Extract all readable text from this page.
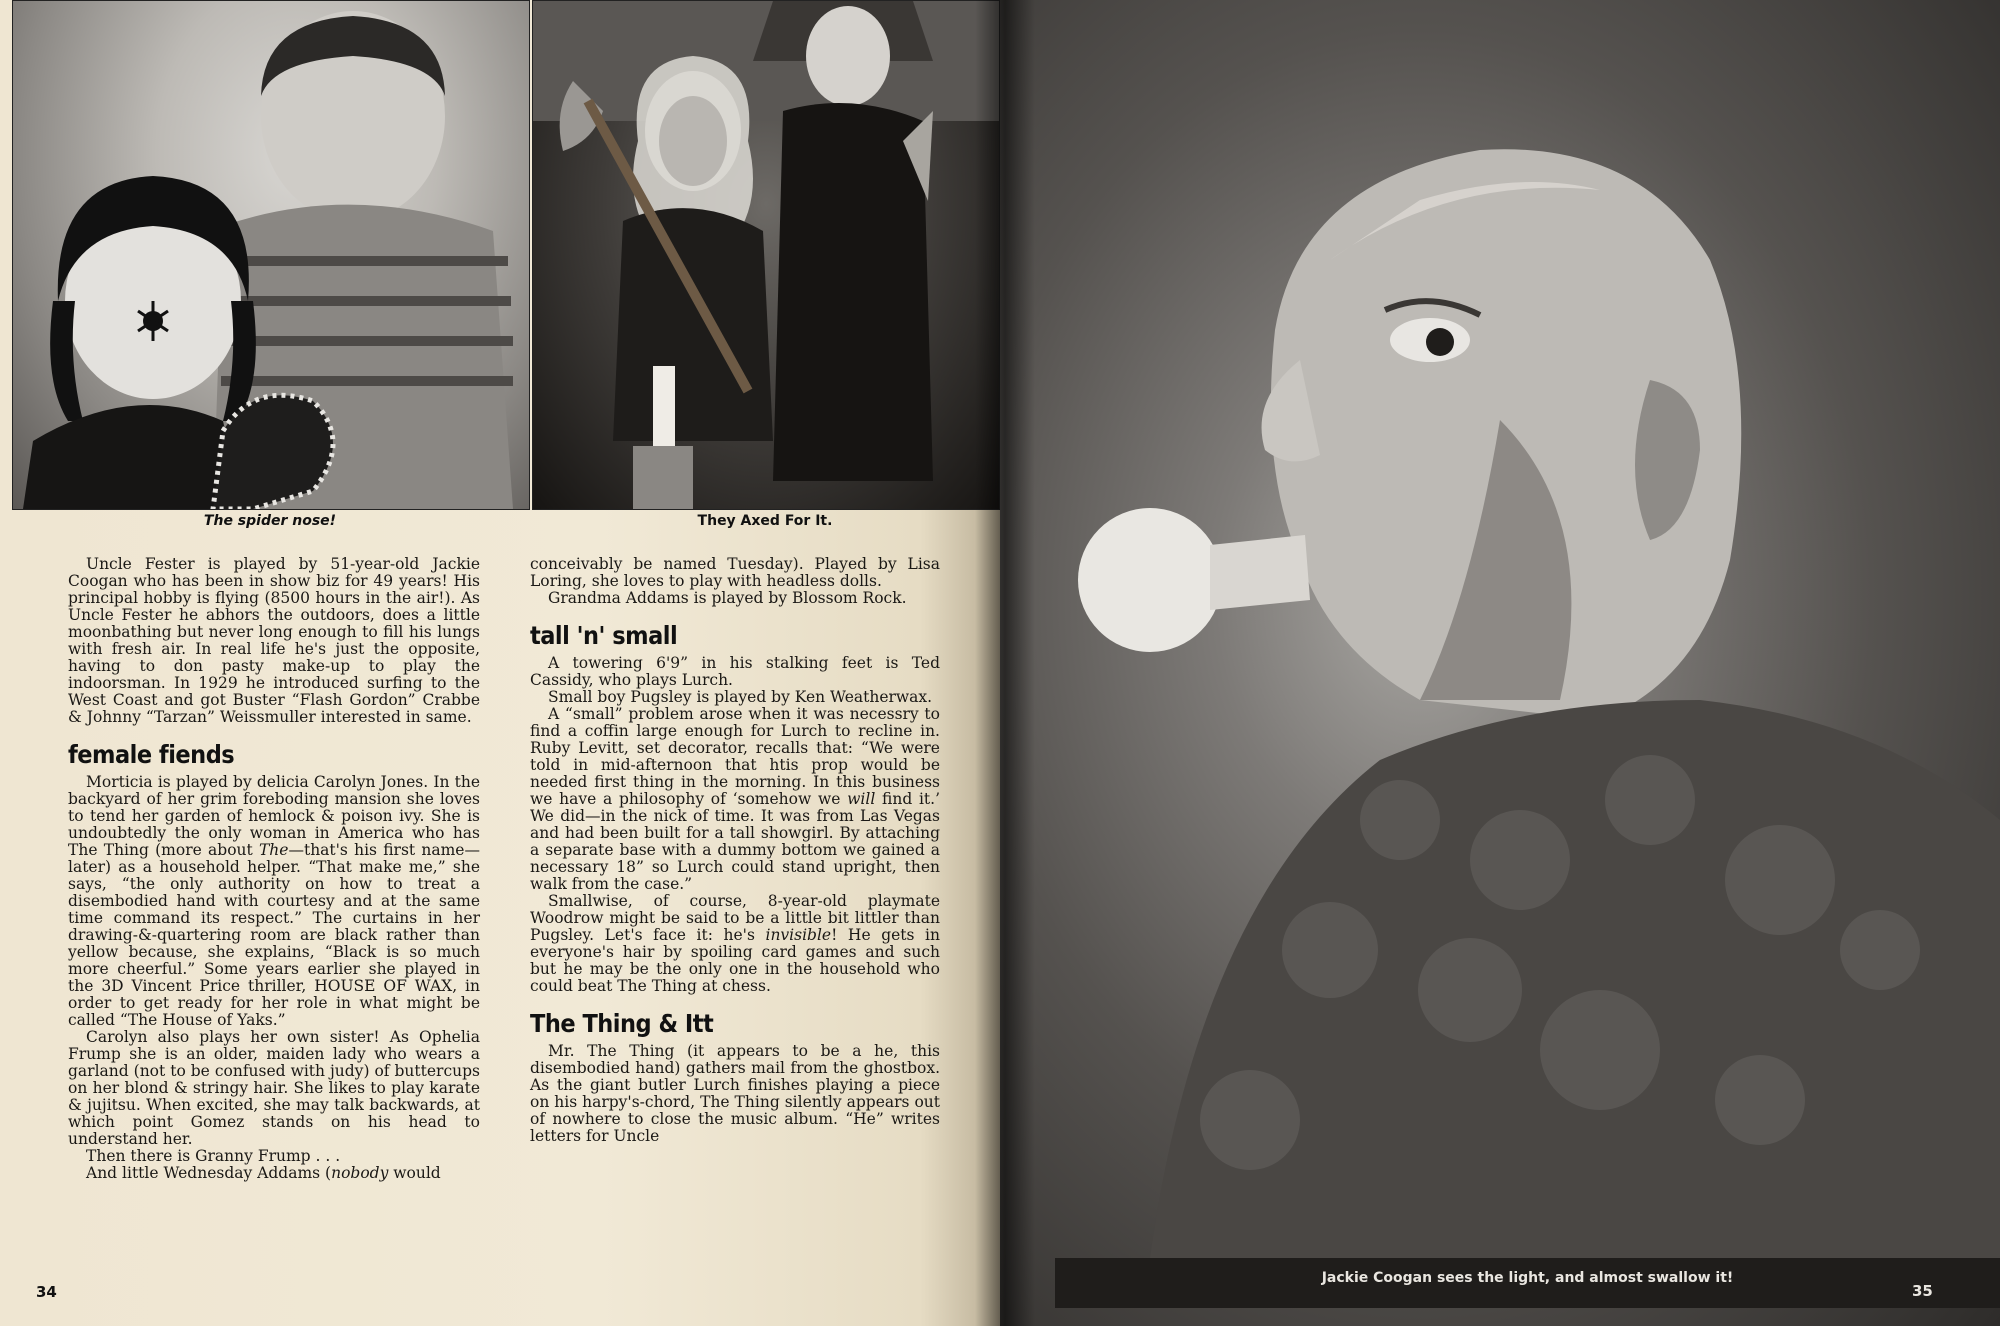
The spider nose!	They Axed For It.

Uncle Fester is played by 51-year-old Jackie Coogan who has been in show biz for 49 years! His principal hobby is flying (8500 hours in the air!). As Uncle Fester he abhors the outdoors, does a little moonbathing but never long enough to fill his lungs with fresh air. In real life he's just the opposite, having to don pasty make-up to play the indoorsman. In 1929 he introduced surfing to the West Coast and got Buster “Flash Gordon” Crabbe & Johnny “Tarzan” Weissmuller interested in same.

female fiends

Morticia is played by delicia Carolyn Jones. In the backyard of her grim foreboding mansion she loves to tend her garden of hemlock & poison ivy. She is undoubtedly the only woman in America who has The Thing (more about The—that's his first name—later) as a household helper. “That make me,” she says, “the only authority on how to treat a disembodied hand with courtesy and at the same time command its respect.” The curtains in her drawing-&-quartering room are black rather than yellow because, she explains, “Black is so much more cheerful.” Some years earlier she played in the 3D Vincent Price thriller, HOUSE OF WAX, in order to get ready for her role in what might be called “The House of Yaks.”

Carolyn also plays her own sister! As Ophelia Frump she is an older, maiden lady who wears a garland (not to be confused with judy) of buttercups on her blond & stringy hair. She likes to play karate & jujitsu. When excited, she may talk backwards, at which point Gomez stands on his head to understand her.

Then there is Granny Frump . . .

And little Wednesday Addams (nobody would

conceivably be named Tuesday). Played by Lisa Loring, she loves to play with headless dolls.

Grandma Addams is played by Blossom Rock.

tall 'n' small

A towering 6'9” in his stalking feet is Ted Cassidy, who plays Lurch.

Small boy Pugsley is played by Ken Weatherwax.

A “small” problem arose when it was necessry to find a coffin large enough for Lurch to recline in. Ruby Levitt, set decorator, recalls that: “We were told in mid-afternoon that htis prop would be needed first thing in the morning. In this business we have a philosophy of ‘somehow we will find it.’ We did—in the nick of time. It was from Las Vegas and had been built for a tall showgirl. By attaching a separate base with a dummy bottom we gained a necessary 18” so Lurch could stand upright, then walk from the case.”

Smallwise, of course, 8-year-old playmate Woodrow might be said to be a little bit littler than Pugsley. Let's face it: he's invisible! He gets in everyone's hair by spoiling card games and such but he may be the only one in the household who could beat The Thing at chess.

The Thing & Itt

Mr. The Thing (it appears to be a he, this disembodied hand) gathers mail from the ghostbox. As the giant butler Lurch finishes playing a piece on his harpy's-chord, The Thing silently appears out of nowhere to close the music album. “He” writes letters for Uncle

34
Jackie Coogan sees the light, and almost swallow it!
35
